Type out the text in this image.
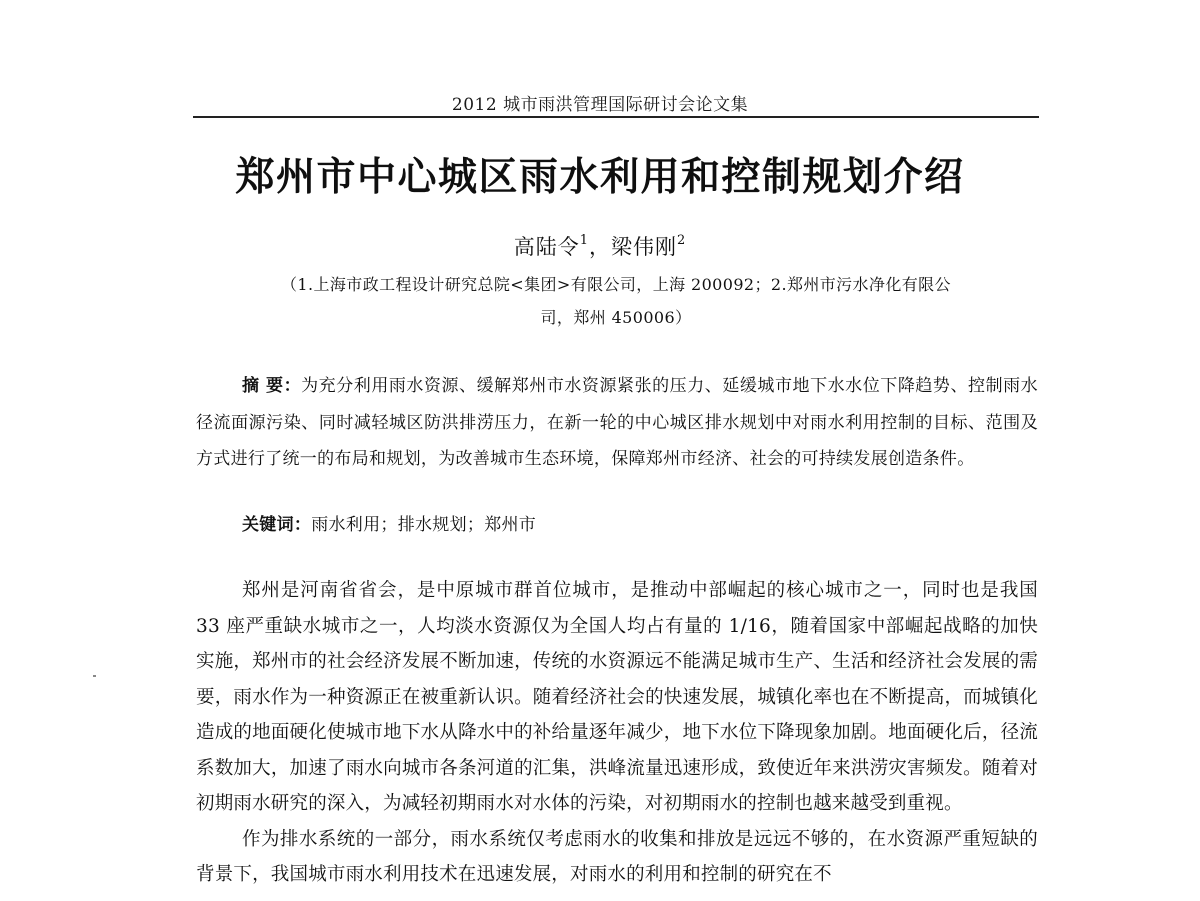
2012 城市雨洪管理国际研讨会论文集
郑州市中心城区雨水利用和控制规划介绍
高陆令$^1$，梁伟刚$^2$
（1.上海市政工程设计研究总院<集团>有限公司，上海 200092；2.郑州市污水净化有限公
司，郑州 450006）

摘 要：为充分利用雨水资源、缓解郑州市水资源紧张的压力、延缓城市地下水水位下降趋势、控制雨水径流面源污染、同时减轻城区防洪排涝压力，在新一轮的中心城区排水规划中对雨水利用控制的目标、范围及方式进行了统一的布局和规划，为改善城市生态环境，保障郑州市经济、社会的可持续发展创造条件。

关键词：雨水利用；排水规划；郑州市

郑州是河南省省会，是中原城市群首位城市，是推动中部崛起的核心城市之一，同时也是我国 33 座严重缺水城市之一，人均淡水资源仅为全国人均占有量的 1/16，随着国家中部崛起战略的加快实施，郑州市的社会经济发展不断加速，传统的水资源远不能满足城市生产、生活和经济社会发展的需要，雨水作为一种资源正在被重新认识。随着经济社会的快速发展，城镇化率也在不断提高，而城镇化造成的地面硬化使城市地下水从降水中的补给量逐年减少，地下水位下降现象加剧。地面硬化后，径流系数加大，加速了雨水向城市各条河道的汇集，洪峰流量迅速形成，致使近年来洪涝灾害频发。随着对初期雨水研究的深入，为减轻初期雨水对水体的污染，对初期雨水的控制也越来越受到重视。

作为排水系统的一部分，雨水系统仅考虑雨水的收集和排放是远远不够的，在水资源严重短缺的背景下，我国城市雨水利用技术在迅速发展，对雨水的利用和控制的研究在不
